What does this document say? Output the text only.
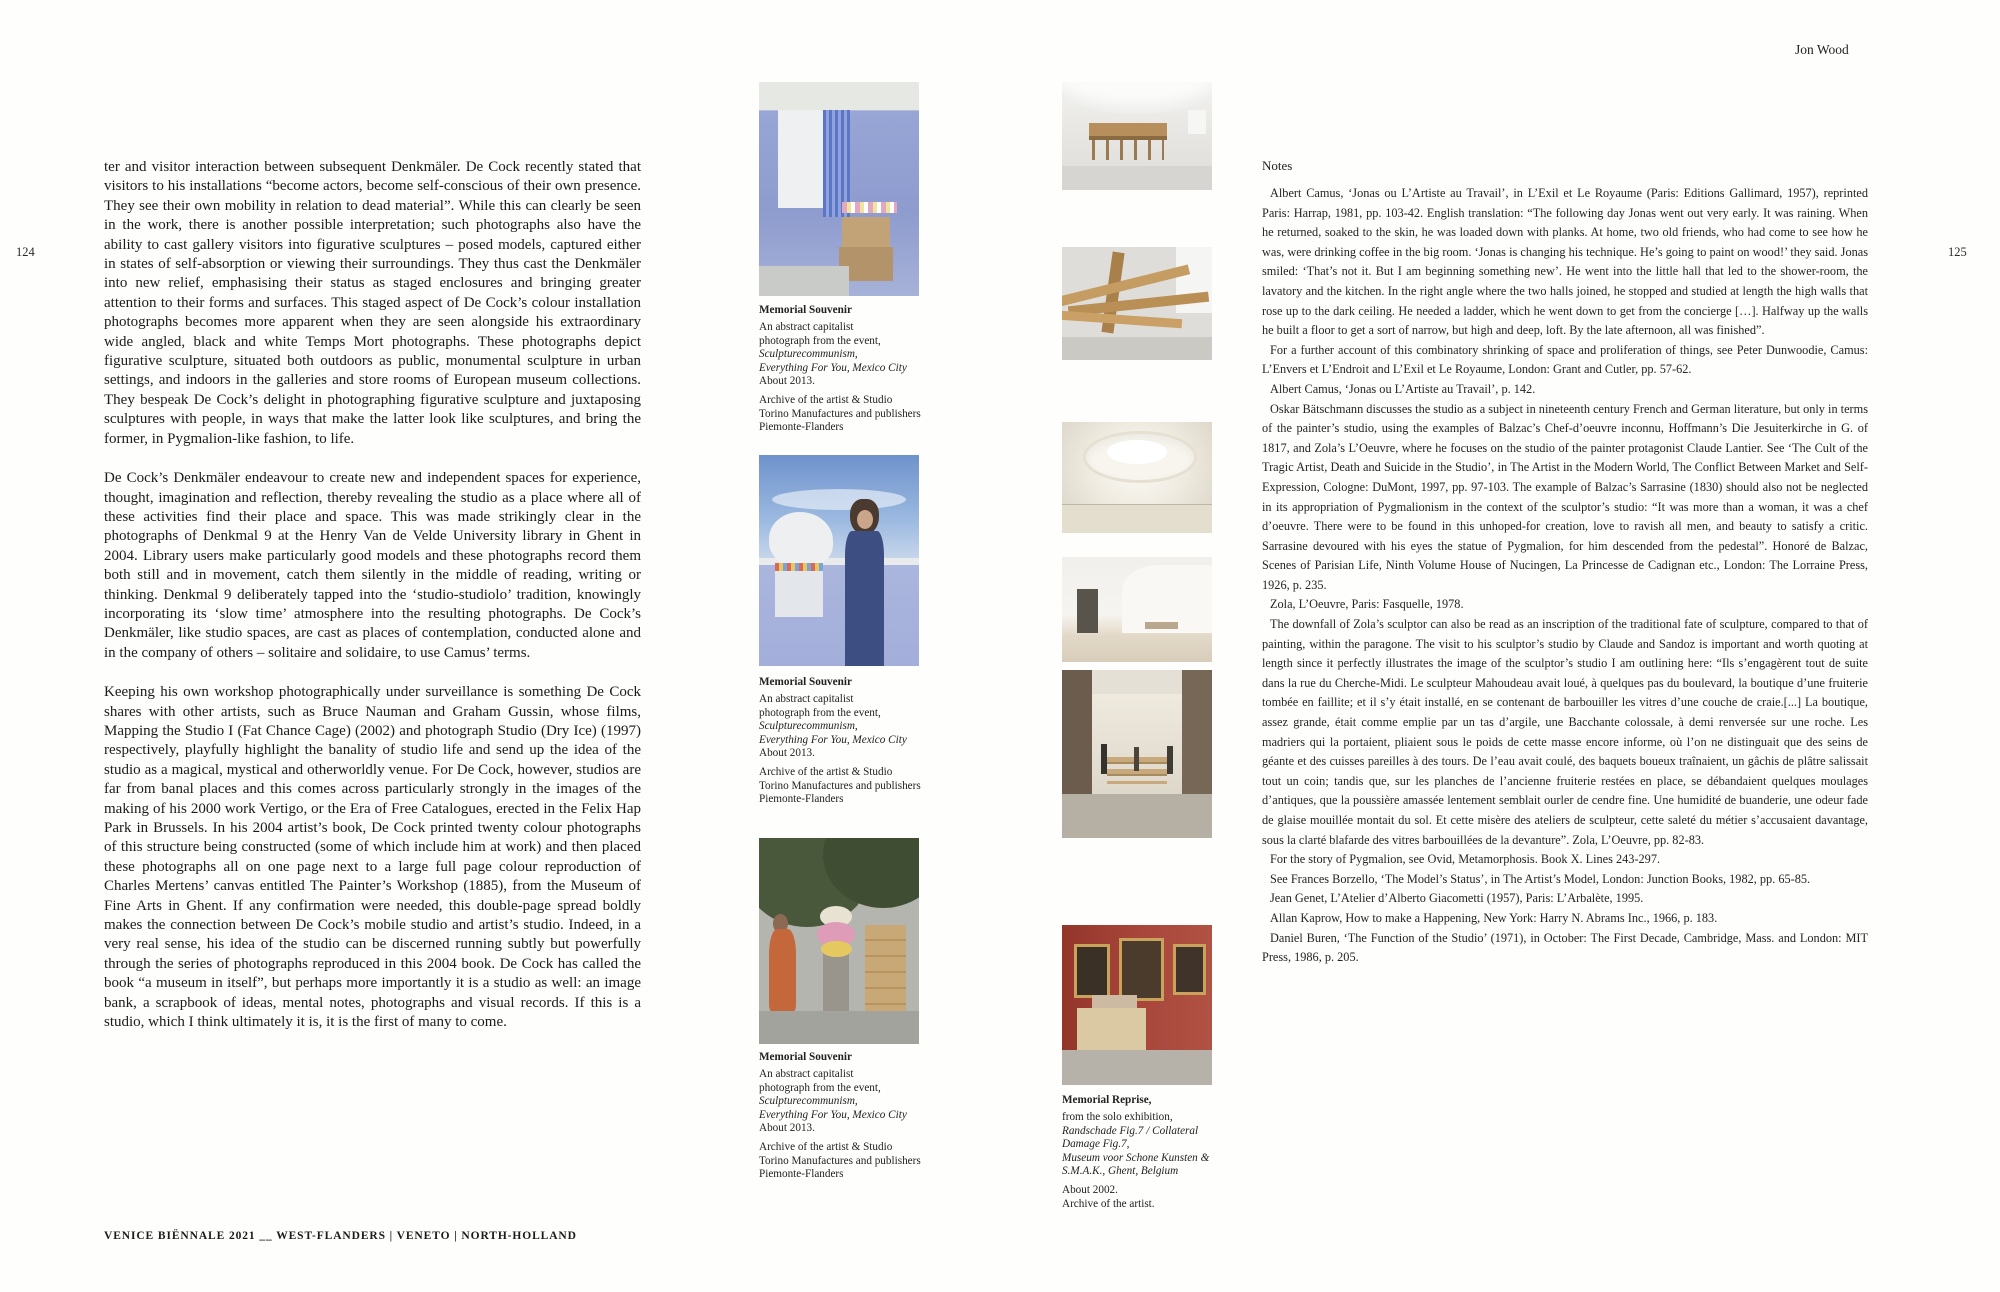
124	125
Jon Wood

ter and visitor interaction between subsequent Denkmäler. De Cock recently stated that visitors to his installations “become actors, become self-conscious of their own presence. They see their own mobility in relation to dead material”. While this can clearly be seen in the work, there is another possible interpretation; such photographs also have the ability to cast gallery visitors into figurative sculptures – posed models, captured either in states of self-absorption or viewing their surroundings. They thus cast the Denkmäler into new relief, emphasising their status as staged enclosures and bringing greater attention to their forms and surfaces. This staged aspect of De Cock’s colour installation photographs becomes more apparent when they are seen alongside his extraordinary wide angled, black and white Temps Mort photographs. These photographs depict figurative sculpture, situated both outdoors as public, monumental sculpture in urban settings, and indoors in the galleries and store rooms of European museum collections. They bespeak De Cock’s delight in photographing figurative sculpture and juxtaposing sculptures with people, in ways that make the latter look like sculptures, and bring the former, in Pygmalion-like fashion, to life.

De Cock’s Denkmäler endeavour to create new and independent spaces for experience, thought, imagination and reflection, thereby revealing the studio as a place where all of these activities find their place and space. This was made strikingly clear in the photographs of Denkmal 9 at the Henry Van de Velde University library in Ghent in 2004. Library users make particularly good models and these photographs record them both still and in movement, catch them silently in the middle of reading, writing or thinking. Denkmal 9 deliberately tapped into the ‘studio-studiolo’ tradition, knowingly incorporating its ‘slow time’ atmosphere into the resulting photographs. De Cock’s Denkmäler, like studio spaces, are cast as places of contemplation, conducted alone and in the company of others – solitaire and solidaire, to use Camus’ terms.

Keeping his own workshop photographically under surveillance is something De Cock shares with other artists, such as Bruce Nauman and Graham Gussin, whose films, Mapping the Studio I (Fat Chance Cage) (2002) and photograph Studio (Dry Ice) (1997) respectively, playfully highlight the banality of studio life and send up the idea of the studio as a magical, mystical and otherworldly venue. For De Cock, however, studios are far from banal places and this comes across particularly strongly in the images of the making of his 2000 work Vertigo, or the Era of Free Catalogues, erected in the Felix Hap Park in Brussels. In his 2004 artist’s book, De Cock printed twenty colour photographs of this structure being constructed (some of which include him at work) and then placed these photographs all on one page next to a large full page colour reproduction of Charles Mertens’ canvas entitled The Painter’s Workshop (1885), from the Museum of Fine Arts in Ghent. If any confirmation were needed, this double-page spread boldly makes the connection between De Cock’s mobile studio and artist’s studio. Indeed, in a very real sense, his idea of the studio can be discerned running subtly but powerfully through the series of photographs reproduced in this 2004 book. De Cock has called the book “a museum in itself”, but perhaps more importantly it is a studio as well: an image bank, a scrapbook of ideas, mental notes, photographs and visual records. If this is a studio, which I think ultimately it is, it is the first of many to come.

VENICE BIËNNALE 2021 __ WEST-FLANDERS | VENETO | NORTH-HOLLAND
Memorial Souvenir
An abstract capitalist
photograph from the event,
Sculpturecommunism,
Everything For You, Mexico City
About 2013.
Archive of the artist & Studio
Torino Manufactures and publishers
Piemonte-Flanders
Memorial Souvenir
An abstract capitalist
photograph from the event,
Sculpturecommunism,
Everything For You, Mexico City
About 2013.
Archive of the artist & Studio
Torino Manufactures and publishers
Piemonte-Flanders
Memorial Souvenir
An abstract capitalist
photograph from the event,
Sculpturecommunism,
Everything For You, Mexico City
About 2013.
Archive of the artist & Studio
Torino Manufactures and publishers
Piemonte-Flanders
Memorial Reprise,
from the solo exhibition,
Randschade Fig.7 / Collateral
Damage Fig.7,
Museum voor Schone Kunsten &
S.M.A.K., Ghent, Belgium
About 2002.
Archive of the artist.

Notes

Albert Camus, ‘Jonas ou L’Artiste au Travail’, in L’Exil et Le Royaume (Paris: Editions Gallimard, 1957), reprinted Paris: Harrap, 1981, pp. 103-42. English translation: “The following day Jonas went out very early. It was raining. When he returned, soaked to the skin, he was loaded down with planks. At home, two old friends, who had come to see how he was, were drinking coffee in the big room. ‘Jonas is changing his technique. He’s going to paint on wood!’ they said. Jonas smiled: ‘That’s not it. But I am beginning something new’. He went into the little hall that led to the shower-room, the lavatory and the kitchen. In the right angle where the two halls joined, he stopped and studied at length the high walls that rose up to the dark ceiling. He needed a ladder, which he went down to get from the concierge […]. Halfway up the walls he built a floor to get a sort of narrow, but high and deep, loft. By the late afternoon, all was finished”.

For a further account of this combinatory shrinking of space and proliferation of things, see Peter Dunwoodie, Camus: L’Envers et L’Endroit and L’Exil et Le Royaume, London: Grant and Cutler, pp. 57-62.

Albert Camus, ‘Jonas ou L’Artiste au Travail’, p. 142.

Oskar Bätschmann discusses the studio as a subject in nineteenth century French and German literature, but only in terms of the painter’s studio, using the examples of Balzac’s Chef-d’oeuvre inconnu, Hoffmann’s Die Jesuiterkirche in G. of 1817, and Zola’s L’Oeuvre, where he focuses on the studio of the painter protagonist Claude Lantier. See ‘The Cult of the Tragic Artist, Death and Suicide in the Studio’, in The Artist in the Modern World, The Conflict Between Market and Self-Expression, Cologne: DuMont, 1997, pp. 97-103. The example of Balzac’s Sarrasine (1830) should also not be neglected in its appropriation of Pygmalionism in the context of the sculptor’s studio: “It was more than a woman, it was a chef d’oeuvre. There were to be found in this unhoped-for creation, love to ravish all men, and beauty to satisfy a critic. Sarrasine devoured with his eyes the statue of Pygmalion, for him descended from the pedestal”. Honoré de Balzac, Scenes of Parisian Life, Ninth Volume House of Nucingen, La Princesse de Cadignan etc., London: The Lorraine Press, 1926, p. 235.

Zola, L’Oeuvre, Paris: Fasquelle, 1978.

The downfall of Zola’s sculptor can also be read as an inscription of the traditional fate of sculpture, compared to that of painting, within the paragone. The visit to his sculptor’s studio by Claude and Sandoz is important and worth quoting at length since it perfectly illustrates the image of the sculptor’s studio I am outlining here: “Ils s’engagèrent tout de suite dans la rue du Cherche-Midi. Le sculpteur Mahoudeau avait loué, à quelques pas du boulevard, la boutique d’une fruiterie tombée en faillite; et il s’y était installé, en se contenant de barbouiller les vitres d’une couche de craie.[...] La boutique, assez grande, était comme emplie par un tas d’argile, une Bacchante colossale, à demi renversée sur une roche. Les madriers qui la portaient, pliaient sous le poids de cette masse encore informe, où l’on ne distinguait que des seins de géante et des cuisses pareilles à des tours. De l’eau avait coulé, des baquets boueux traînaient, un gâchis de plâtre salissait tout un coin; tandis que, sur les planches de l’ancienne fruiterie restées en place, se débandaient quelques moulages d’antiques, que la poussière amassée lentement semblait ourler de cendre fine. Une humidité de buanderie, une odeur fade de glaise mouillée montait du sol. Et cette misère des ateliers de sculpteur, cette saleté du métier s’accusaient davantage, sous la clarté blafarde des vitres barbouillées de la devanture”. Zola, L’Oeuvre, pp. 82-83.

For the story of Pygmalion, see Ovid, Metamorphosis. Book X. Lines 243-297.

See Frances Borzello, ‘The Model’s Status’, in The Artist’s Model, London: Junction Books, 1982, pp. 65-85.

Jean Genet, L’Atelier d’Alberto Giacometti (1957), Paris: L’Arbalète, 1995.

Allan Kaprow, How to make a Happening, New York: Harry N. Abrams Inc., 1966, p. 183.

Daniel Buren, ‘The Function of the Studio’ (1971), in October: The First Decade, Cambridge, Mass. and London: MIT Press, 1986, p. 205.
